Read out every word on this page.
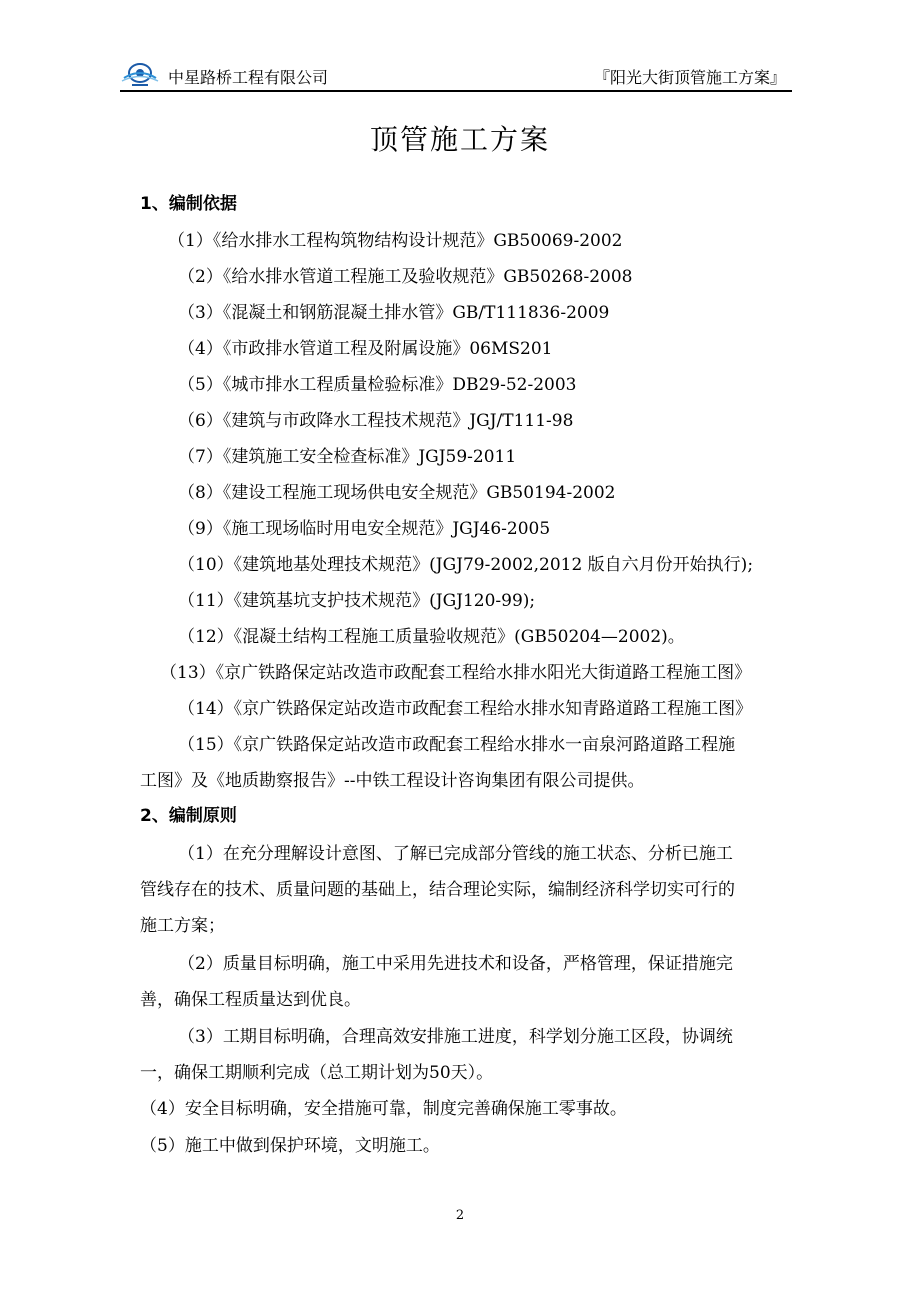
中星路桥工程有限公司	『阳光大街顶管施工方案』
顶管施工方案
1、编制依据
（1）《给水排水工程构筑物结构设计规范》GB50069-2002
（2）《给水排水管道工程施工及验收规范》GB50268-2008
（3）《混凝土和钢筋混凝土排水管》GB/T111836-2009
（4）《市政排水管道工程及附属设施》06MS201
（5）《城市排水工程质量检验标准》DB29-52-2003
（6）《建筑与市政降水工程技术规范》JGJ/T111-98
（7）《建筑施工安全检查标准》JGJ59-2011
（8）《建设工程施工现场供电安全规范》GB50194-2002
（9）《施工现场临时用电安全规范》JGJ46-2005
（10）《建筑地基处理技术规范》(JGJ79-2002,2012 版自六月份开始执行);
（11）《建筑基坑支护技术规范》(JGJ120-99);
（12）《混凝土结构工程施工质量验收规范》(GB50204—2002)。
（13）《京广铁路保定站改造市政配套工程给水排水阳光大街道路工程施工图》
（14）《京广铁路保定站改造市政配套工程给水排水知青路道路工程施工图》
（15）《京广铁路保定站改造市政配套工程给水排水一亩泉河路道路工程施
工图》及《地质勘察报告》--中铁工程设计咨询集团有限公司提供。
2、编制原则
（1）在充分理解设计意图、了解已完成部分管线的施工状态、分析已施工
管线存在的技术、质量问题的基础上，结合理论实际，编制经济科学切实可行的
施工方案；
（2）质量目标明确，施工中采用先进技术和设备，严格管理，保证措施完
善，确保工程质量达到优良。
（3）工期目标明确，合理高效安排施工进度，科学划分施工区段，协调统
一，确保工期顺利完成（总工期计划为50天）。
（4）安全目标明确，安全措施可靠，制度完善确保施工零事故。
（5）施工中做到保护环境，文明施工。
2
